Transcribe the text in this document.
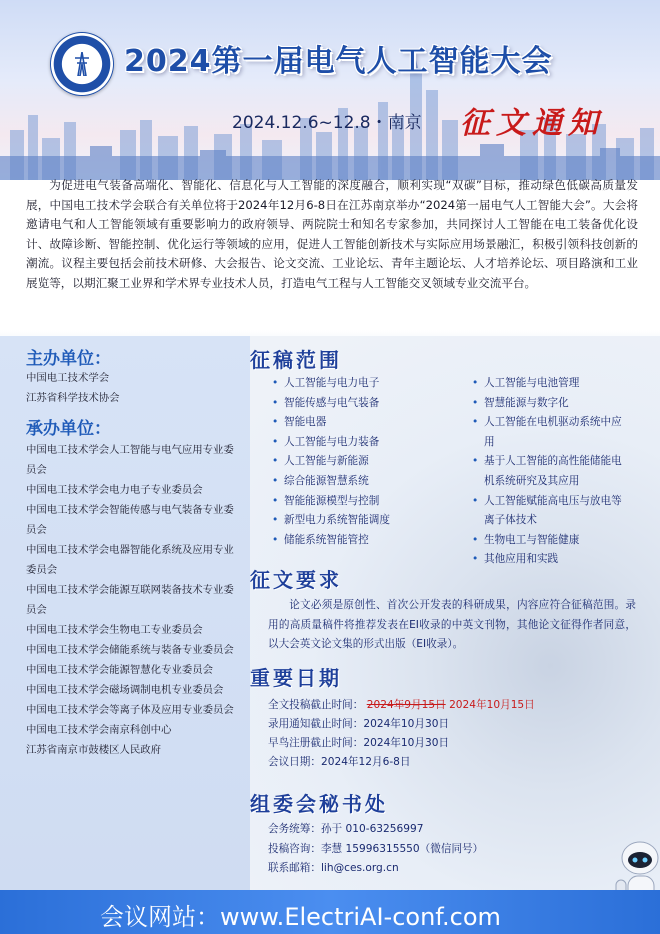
2024第一届电气人工智能大会
2024.12.6~12.8・南京 征文通知

为促进电气装备高端化、智能化、信息化与人工智能的深度融合，顺利实现“双碳”目标，推动绿色低碳高质量发展，中国电工技术学会联合有关单位将于2024年12月6-8日在江苏南京举办“2024第一届电气人工智能大会”。大会将邀请电气和人工智能领域有重要影响力的政府领导、两院院士和知名专家参加，共同探讨人工智能在电工装备优化设计、故障诊断、智能控制、优化运行等领域的应用，促进人工智能创新技术与实际应用场景融汇，积极引领科技创新的潮流。议程主要包括会前技术研修、大会报告、论文交流、工业论坛、青年主题论坛、人才培养论坛、项目路演和工业展览等，以期汇聚工业界和学术界专业技术人员，打造电气工程与人工智能交叉领域专业交流平台。

主办单位：
中国电工技术学会
江苏省科学技术协会
承办单位：
中国电工技术学会人工智能与电气应用专业委员会
中国电工技术学会电力电子专业委员会
中国电工技术学会智能传感与电气装备专业委员会
中国电工技术学会电器智能化系统及应用专业委员会
中国电工技术学会能源互联网装备技术专业委员会
中国电工技术学会生物电工专业委员会
中国电工技术学会储能系统与装备专业委员会
中国电工技术学会能源智慧化专业委员会
中国电工技术学会磁场调制电机专业委员会
中国电工技术学会等离子体及应用专业委员会
中国电工技术学会南京科创中心
江苏省南京市鼓楼区人民政府
征稿范围
• 人工智能与电力电子
• 智能传感与电气装备
• 智能电器
• 人工智能与电力装备
• 人工智能与新能源
• 综合能源智慧系统
• 智能能源模型与控制
• 新型电力系统智能调度
• 储能系统智能管控
• 人工智能与电池管理
• 智慧能源与数字化
• 人工智能在电机驱动系统中应用
• 基于人工智能的高性能储能电机系统研究及其应用
• 人工智能赋能高电压与放电等离子体技术
• 生物电工与智能健康
• 其他应用和实践
征文要求

论文必须是原创性、首次公开发表的科研成果，内容应符合征稿范围。录用的高质量稿件将推荐发表在EI收录的中英文刊物，其他论文征得作者同意，以大会英文论文集的形式出版（EI收录）。

重要日期
全文投稿截止时间： 2024年9月15日 2024年10月15日
录用通知截止时间：2024年10月30日
早鸟注册截止时间：2024年10月30日
会议日期：2024年12月6-8日
组委会秘书处
会务统筹：孙于 010-63256997
投稿咨询：李慧 15996315550（微信同号）
联系邮箱：lih@ces.org.cn
会议网站：www.ElectriAI-conf.com
